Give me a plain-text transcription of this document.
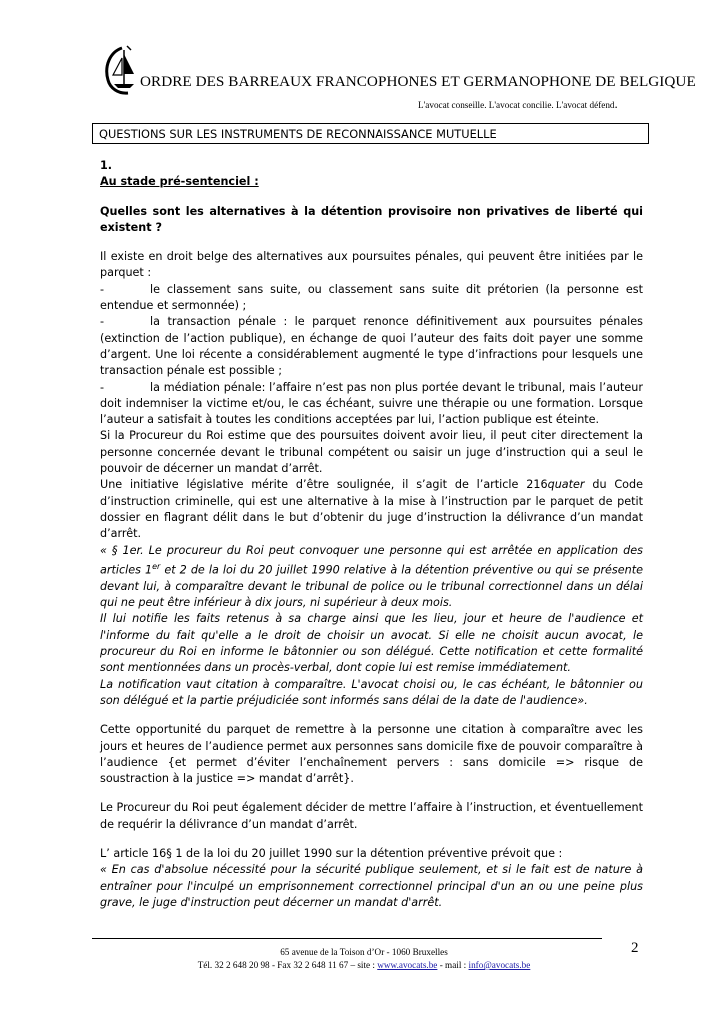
ORDRE DES BARREAUX FRANCOPHONES ET GERMANOPHONE DE BELGIQUE
L'avocat conseille. L'avocat concilie. L'avocat défend.
QUESTIONS SUR LES INSTRUMENTS DE RECONNAISSANCE MUTUELLE

1.

Au stade pré-sentenciel :

Quelles sont les alternatives à la détention provisoire non privatives de liberté qui existent ?

Il existe en droit belge des alternatives aux poursuites pénales, qui peuvent être initiées par le parquet :

-	le classement sans suite, ou classement sans suite dit prétorien (la personne est entendue et sermonnée) ;

-	la transaction pénale : le parquet renonce définitivement aux poursuites pénales (extinction de l’action publique), en échange de quoi l’auteur des faits doit payer une somme d’argent. Une loi récente a considérablement augmenté le type d’infractions pour lesquels une transaction pénale est possible ;

-	la médiation pénale: l’affaire n’est pas non plus portée devant le tribunal, mais l’auteur doit indemniser la victime et/ou, le cas échéant, suivre une thérapie ou une formation. Lorsque l’auteur a satisfait à toutes les conditions acceptées par lui, l’action publique est éteinte.

Si la Procureur du Roi estime que des poursuites doivent avoir lieu, il peut citer directement la personne concernée devant le tribunal compétent ou saisir un juge d’instruction qui a seul le pouvoir de décerner un mandat d’arrêt.

Une initiative législative mérite d’être soulignée, il s’agit de l’article 216quater du Code d’instruction criminelle, qui est une alternative à la mise à l’instruction par le parquet de petit dossier en flagrant délit dans le but d’obtenir du juge d’instruction la délivrance d’un mandat d’arrêt.

« § 1er. Le procureur du Roi peut convoquer une personne qui est arrêtée en application des articles 1er et 2 de la loi du 20 juillet 1990 relative à la détention préventive ou qui se présente devant lui, à comparaître devant le tribunal de police ou le tribunal correctionnel dans un délai qui ne peut être inférieur à dix jours, ni supérieur à deux mois.

Il lui notifie les faits retenus à sa charge ainsi que les lieu, jour et heure de l'audience et l'informe du fait qu'elle a le droit de choisir un avocat. Si elle ne choisit aucun avocat, le procureur du Roi en informe le bâtonnier ou son délégué. Cette notification et cette formalité sont mentionnées dans un procès-verbal, dont copie lui est remise immédiatement.

La notification vaut citation à comparaître. L'avocat choisi ou, le cas échéant, le bâtonnier ou son délégué et la partie préjudiciée sont informés sans délai de la date de l'audience».

Cette opportunité du parquet de remettre à la personne une citation à comparaître avec les jours et heures de l’audience permet aux personnes sans domicile fixe de pouvoir comparaître à l’audience {et permet d’éviter l’enchaînement pervers : sans domicile => risque de soustraction à la justice => mandat d’arrêt}.

Le Procureur du Roi peut également décider de mettre l’affaire à l’instruction, et éventuellement de requérir la délivrance d’un mandat d’arrêt.

L’ article 16§ 1 de la loi du 20 juillet 1990 sur la détention préventive prévoit que :

« En cas d'absolue nécessité pour la sécurité publique seulement, et si le fait est de nature à entraîner pour l'inculpé un emprisonnement correctionnel principal d'un an ou une peine plus grave, le juge d'instruction peut décerner un mandat d'arrêt.

2
65 avenue de la Toison d’Or - 1060 Bruxelles
Tél. 32 2 648 20 98 - Fax 32 2 648 11 67 – site : www.avocats.be - mail : info@avocats.be
